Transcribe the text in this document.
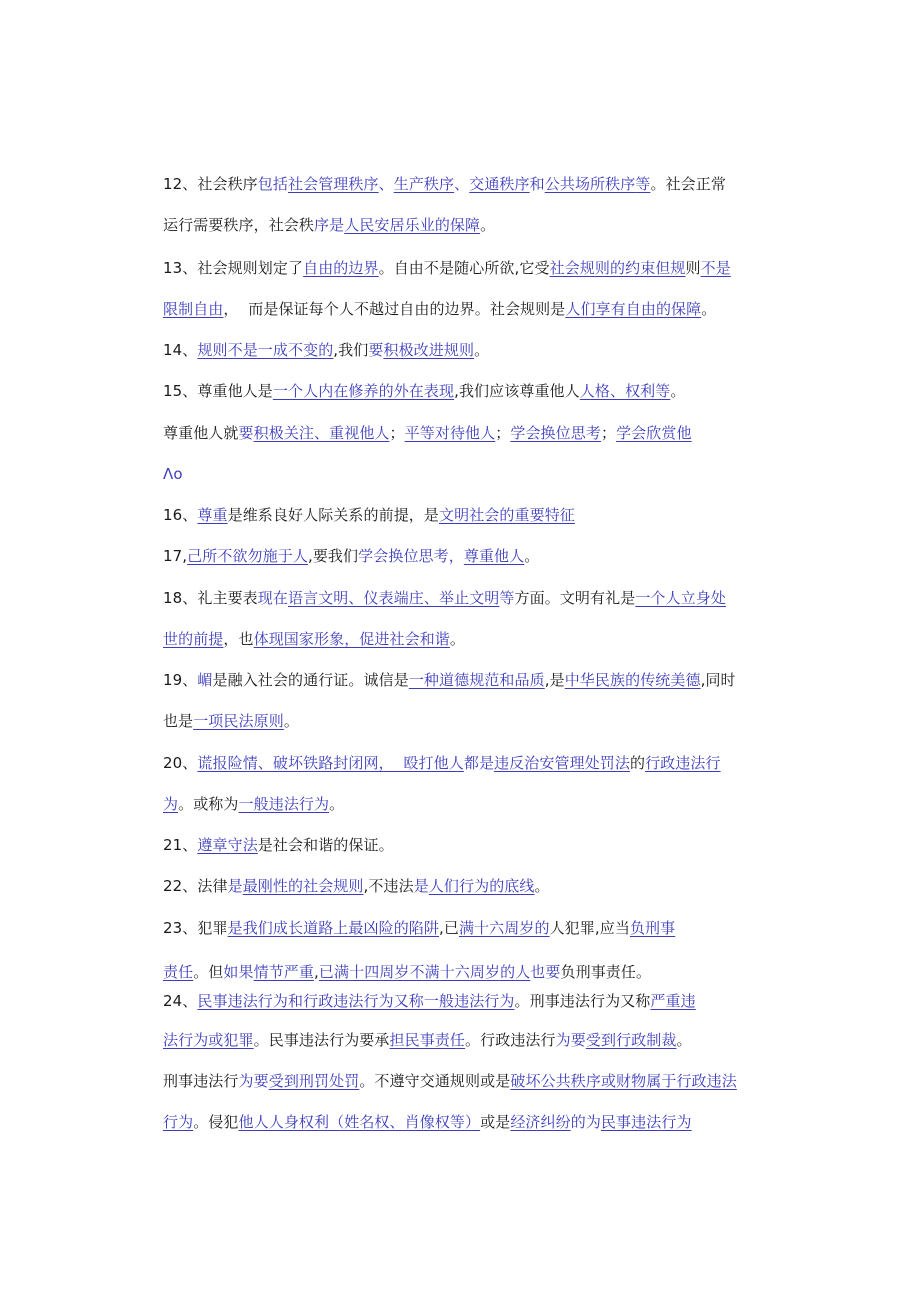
12、社会秩序包括社会管理秩序、生产秩序、交通秩序和公共场所秩序等。社会正常
运行需要秩序，社会秩序是人民安居乐业的保障。
13、社会规则划定了自由的边界。自由不是随心所欲,它受社会规则的约束但规则不是
限制自由，  而是保证每个人不越过自由的边界。社会规则是人们享有自由的保障。
14、规则不是一成不变的,我们要积极改进规则。
15、尊重他人是一个人内在修养的外在表现,我们应该尊重他人人格、权利等。
尊重他人就要积极关注、重视他人；平等对待他人；学会换位思考；学会欣赏他
Λo
16、尊重是维系良好人际关系的前提，是文明社会的重要特征
17,己所不欲勿施于人,要我们学会换位思考，尊重他人。
18、礼主要表现在语言文明、仪表端庄、举止文明等方面。文明有礼是一个人立身处
世的前提，也体现国家形象，促进社会和谐。
19、嵋是融入社会的通行证。诚信是一种道德规范和品质,是中华民族的传统美德,同时
也是一项民法原则。
20、谎报险情、破坏铁路封闭网，  殴打他人都是违反治安管理处罚法的行政违法行
为。或称为一般违法行为。
21、遵章守法是社会和谐的保证。
22、法律是最刚性的社会规则,不违法是人们行为的底线。
23、犯罪是我们成长道路上最凶险的陷阱,已满十六周岁的人犯罪,应当负刑事
责任。但如果情节严重,已满十四周岁不满十六周岁的人也要负刑事责任。
24、民事违法行为和行政违法行为又称一般违法行为。刑事违法行为又称严重违
法行为或犯罪。民事违法行为要承担民事责任。行政违法行为要受到行政制裁。
刑事违法行为要受到刑罚处罚。不遵守交通规则或是破坏公共秩序或财物属于行政违法
行为。侵犯他人人身权利（姓名权、肖像权等）或是经济纠纷的为民事违法行为
